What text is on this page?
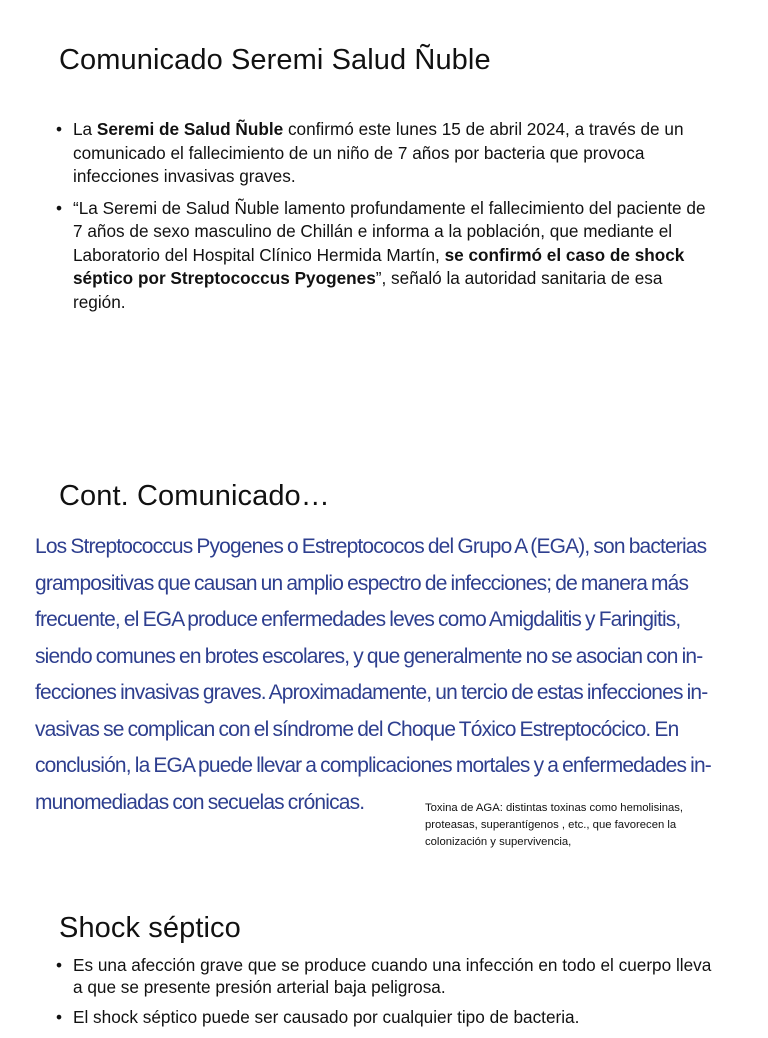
Comunicado Seremi Salud Ñuble
• La Seremi de Salud Ñuble confirmó este lunes 15 de abril 2024, a través de un comunicado el fallecimiento de un niño de 7 años por bacteria que provoca infecciones invasivas graves.
• “La Seremi de Salud Ñuble lamento profundamente el fallecimiento del paciente de 7 años de sexo masculino de Chillán e informa a la población, que mediante el Laboratorio del Hospital Clínico Hermida Martín, se confirmó el caso de shock séptico por Streptococcus Pyogenes”, señaló la autoridad sanitaria de esa región.
Cont. Comunicado…

Los Streptococcus Pyogenes o Estreptococos del Grupo A (EGA), son bacterias
grampositivas que causan un amplio espectro de infecciones; de manera más
frecuente, el EGA produce enfermedades leves como Amigdalitis y Faringitis,
siendo comunes en brotes escolares, y que generalmente no se asocian con in-
fecciones invasivas graves. Aproximadamente, un tercio de estas infecciones in-
vasivas se complican con el síndrome del Choque Tóxico Estreptocócico. En
conclusión, la EGA puede llevar a complicaciones mortales y a enfermedades in-
munomediadas con secuelas crónicas.	Toxina de AGA: distintas toxinas como hemolisinas,
proteasas, superantígenos , etc., que favorecen la
colonización y supervivencia,

Shock séptico
• Es una afección grave que se produce cuando una infección en todo el cuerpo lleva a que se presente presión arterial baja peligrosa.
• El shock séptico puede ser causado por cualquier tipo de bacteria.
